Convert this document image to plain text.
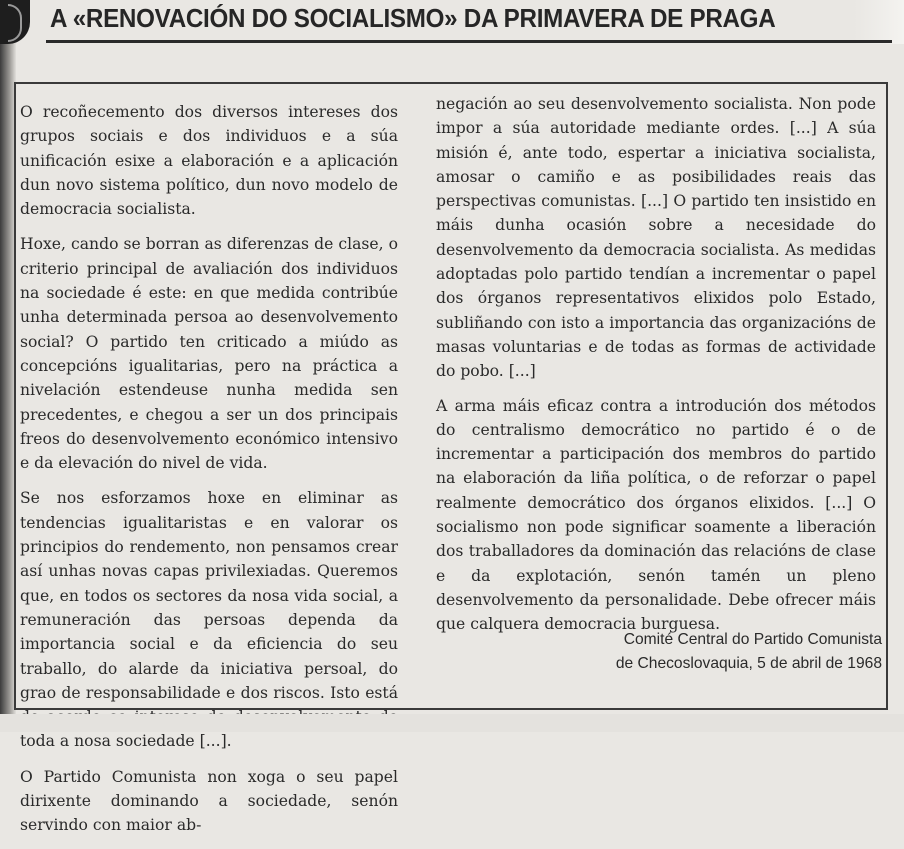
A «RENOVACIÓN DO SOCIALISMO» DA PRIMAVERA DE PRAGA

O recoñecemento dos diversos intereses dos grupos sociais e dos individuos e a súa unificación esixe a elaboración e a aplicación dun novo sistema político, dun novo modelo de democracia socialista.

Hoxe, cando se borran as diferenzas de clase, o criterio principal de avaliación dos individuos na sociedade é este: en que medida contribúe unha determinada persoa ao desenvolvemento social? O partido ten criticado a miúdo as concepcións igualitarias, pero na práctica a nivelación estendeuse nunha medida sen precedentes, e chegou a ser un dos principais freos do desenvolvemento económico intensivo e da elevación do nivel de vida.

Se nos esforzamos hoxe en eliminar as tendencias igualitaristas e en valorar os principios do rendemento, non pensamos crear así unhas novas capas privilexiadas. Queremos que, en todos os sectores da nosa vida social, a remuneración das persoas dependa da importancia social e da eficiencia do seu traballo, do alarde da iniciativa persoal, do grao de responsabilidade e dos riscos. Isto está toda a nosa sociedade [...].

O Partido Comunista non xoga o seu papel dirixente dominando a sociedade, senón servindo con maior ab-

negación ao seu desenvolvemento socialista. Non pode impor a súa autoridade mediante ordes. [...] A súa misión é, ante todo, espertar a iniciativa socialista, amosar o camiño e as posibilidades reais das perspectivas comunistas. [...] O partido ten insistido en máis dunha ocasión sobre a necesidade do desenvolvemento da democracia socialista. As medidas adoptadas polo partido tendían a incrementar o papel dos órganos representativos elixidos polo Estado, subliñando con isto a importancia das organizacións de masas voluntarias e de todas as formas de actividade do pobo. [...]

A arma máis eficaz contra a introdución dos métodos do centralismo democrático no partido é o de incrementar a participación dos membros do partido na elaboración da liña política, o de reforzar o papel realmente democrático dos órganos elixidos. [...] O socialismo non pode significar soamente a liberación dos traballadores da dominación das relacións de clase e da explotación, senón tamén un pleno desenvolvemento da personalidade. Debe ofrecer máis que calquera democracia burguesa.

Comité Central do Partido Comunista
de Checoslovaquia, 5 de abril de 1968
